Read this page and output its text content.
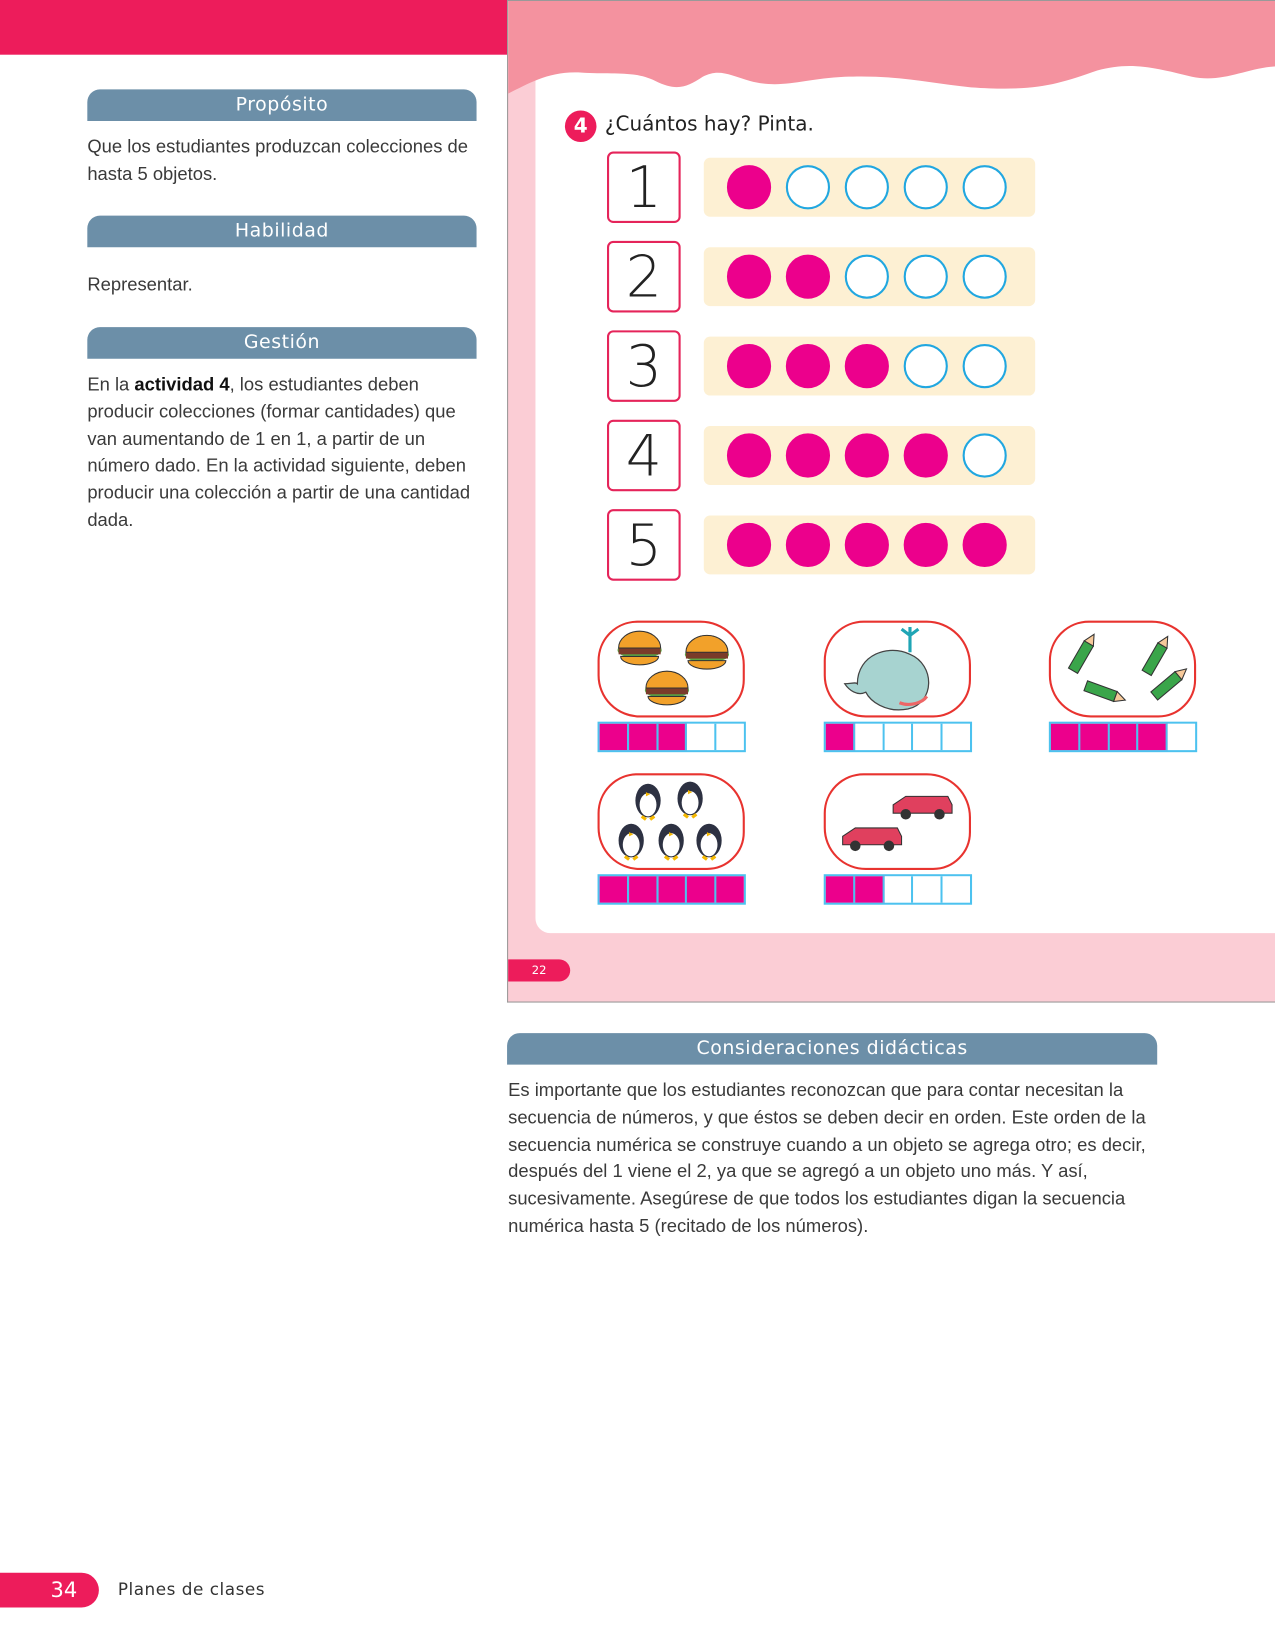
Propósito
Que los estudiantes produzcan colecciones de hasta 5 objetos.
Habilidad
Representar.
Gestión
En la actividad 4, los estudiantes deben producir colecciones (formar cantidades) que van aumentando de 1 en 1, a partir de un número dado. En la actividad siguiente, deben producir una colección a partir de una cantidad dada.
4 ¿Cuántos hay? Pinta.
1
2
3
4
5
22
Consideraciones didácticas
Es importante que los estudiantes reconozcan que para contar necesitan la secuencia de números, y que éstos se deben decir en orden. Este orden de la secuencia numérica se construye cuando a un objeto se agrega otro; es decir, después del 1 viene el 2, ya que se agregó a un objeto uno más. Y así, sucesivamente. Asegúrese de que todos los estudiantes digan la secuencia numérica hasta 5 (recitado de los números).
34	Planes de clases
